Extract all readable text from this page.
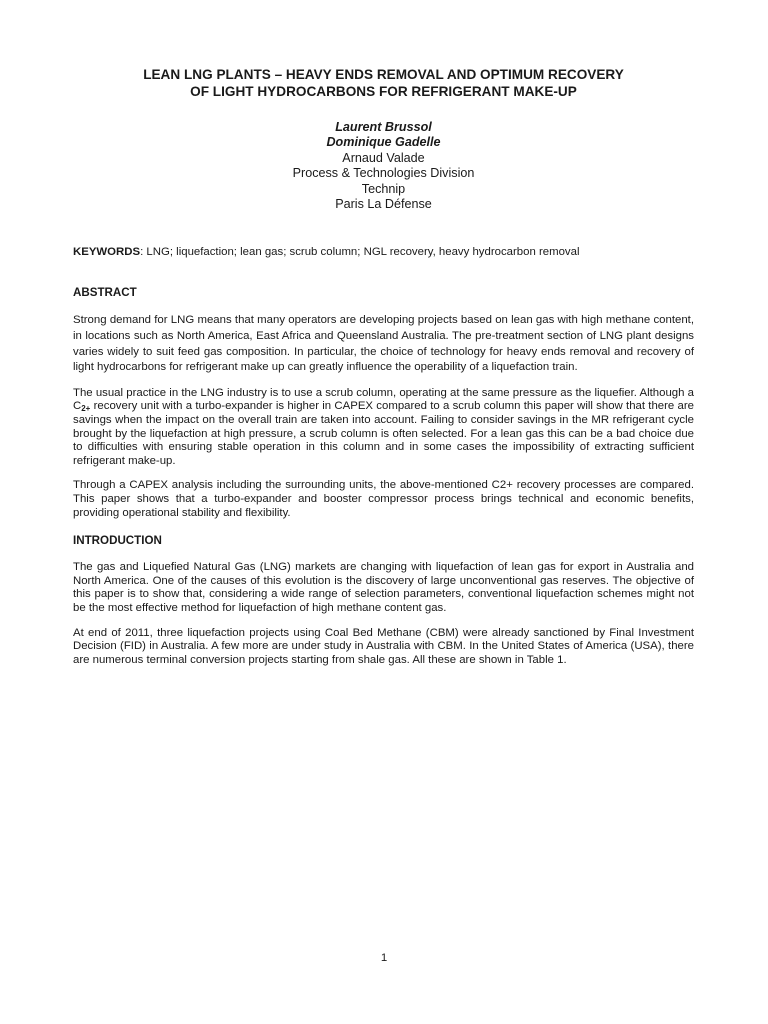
LEAN LNG PLANTS – HEAVY ENDS REMOVAL AND OPTIMUM RECOVERY
OF LIGHT HYDROCARBONS FOR REFRIGERANT MAKE-UP
Laurent Brussol
Dominique Gadelle
Arnaud Valade
Process & Technologies Division
Technip
Paris La Défense
KEYWORDS: LNG; liquefaction; lean gas; scrub column; NGL recovery, heavy hydrocarbon removal
ABSTRACT

Strong demand for LNG means that many operators are developing projects based on lean gas with high methane content, in locations such as North America, East Africa and Queensland Australia. The pre-treatment section of LNG plant designs varies widely to suit feed gas composition. In particular, the choice of technology for heavy ends removal and recovery of light hydrocarbons for refrigerant make up can greatly influence the operability of a liquefaction train.

The usual practice in the LNG industry is to use a scrub column, operating at the same pressure as the liquefier. Although a $C_{2+}$ recovery unit with a turbo-expander is higher in CAPEX compared to a scrub column this paper will show that there are savings when the impact on the overall train are taken into account. Failing to consider savings in the MR refrigerant cycle brought by the liquefaction at high pressure, a scrub column is often selected. For a lean gas this can be a bad choice due to difficulties with ensuring stable operation in this column and in some cases the impossibility of extracting sufficient refrigerant make-up.

Through a CAPEX analysis including the surrounding units, the above-mentioned C2+ recovery processes are compared. This paper shows that a turbo-expander and booster compressor process brings technical and economic benefits, providing operational stability and flexibility.

INTRODUCTION

The gas and Liquefied Natural Gas (LNG) markets are changing with liquefaction of lean gas for export in Australia and North America. One of the causes of this evolution is the discovery of large unconventional gas reserves. The objective of this paper is to show that, considering a wide range of selection parameters, conventional liquefaction schemes might not be the most effective method for liquefaction of high methane content gas.

At end of 2011, three liquefaction projects using Coal Bed Methane (CBM) were already sanctioned by Final Investment Decision (FID) in Australia. A few more are under study in Australia with CBM. In the United States of America (USA), there are numerous terminal conversion projects starting from shale gas. All these are shown in Table 1.

1
